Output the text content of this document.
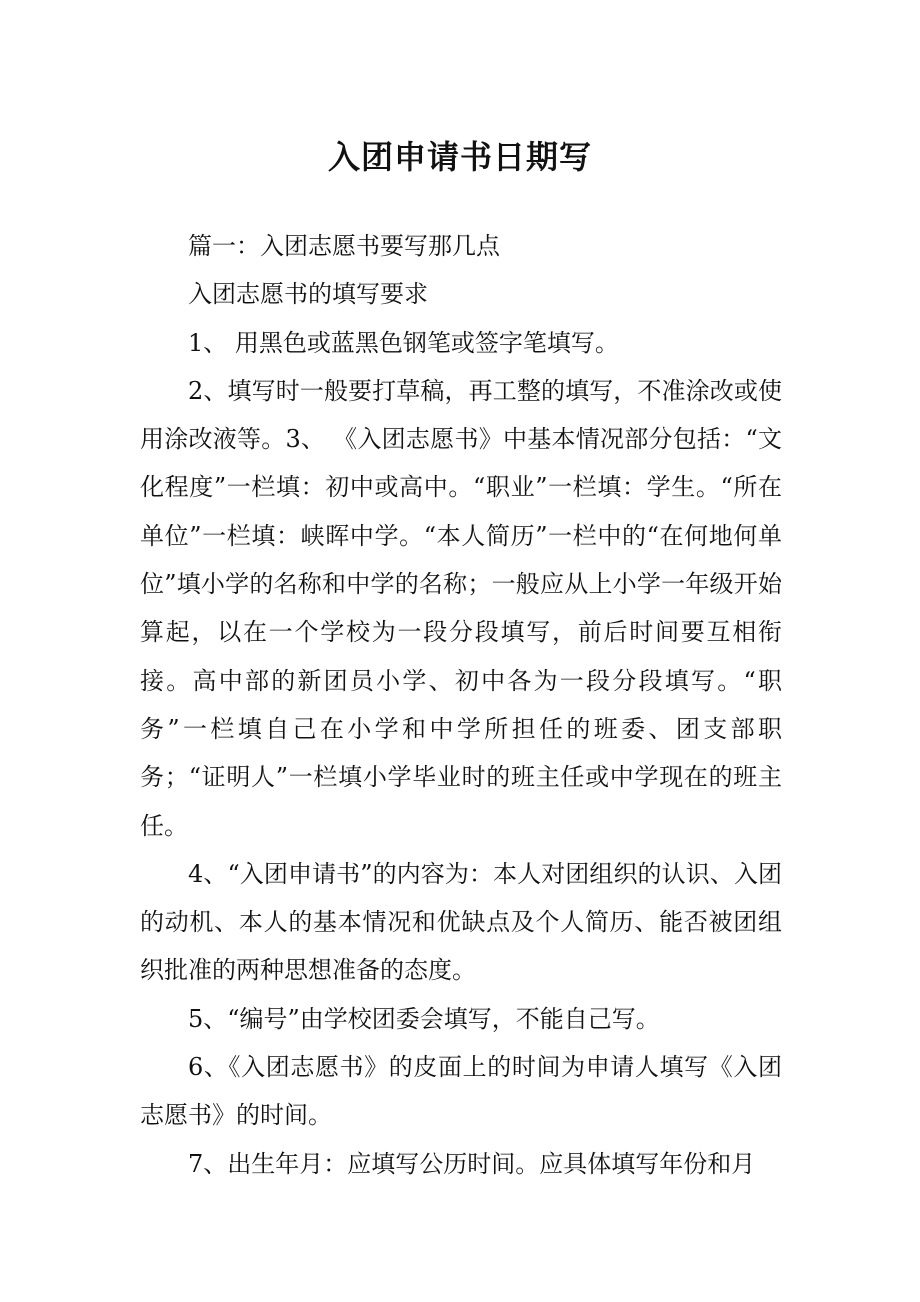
入团申请书日期写

篇一：入团志愿书要写那几点

入团志愿书的填写要求

1、 用黑色或蓝黑色钢笔或签字笔填写。

2、填写时一般要打草稿，再工整的填写，不准涂改或使用涂改液等。3、 《入团志愿书》中基本情况部分包括：“文化程度”一栏填：初中或高中。“职业”一栏填：学生。“所在单位”一栏填：峡晖中学。“本人简历”一栏中的“在何地何单位”填小学的名称和中学的名称；一般应从上小学一年级开始算起，以在一个学校为一段分段填写，前后时间要互相衔接。高中部的新团员小学、初中各为一段分段填写。“职务”一栏填自己在小学和中学所担任的班委、团支部职务；“证明人”一栏填小学毕业时的班主任或中学现在的班主任。

4、“入团申请书”的内容为：本人对团组织的认识、入团的动机、本人的基本情况和优缺点及个人简历、能否被团组织批准的两种思想准备的态度。

5、“编号”由学校团委会填写，不能自己写。

6、《入团志愿书》的皮面上的时间为申请人填写《入团志愿书》的时间。

7、出生年月：应填写公历时间。应具体填写年份和月
